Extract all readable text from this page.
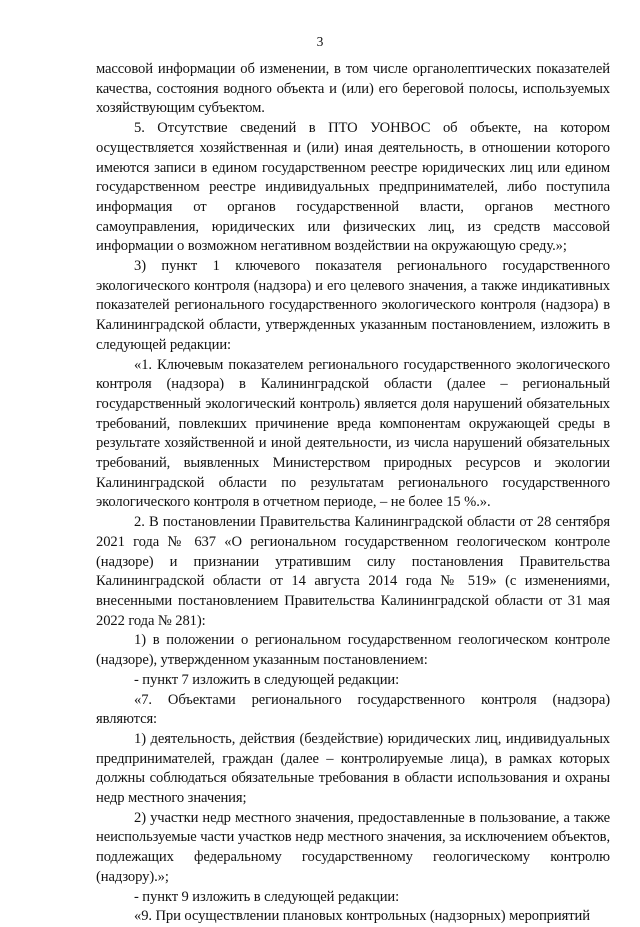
3

массовой информации об изменении, в том числе органолептических показателей качества, состояния водного объекта и (или) его береговой полосы, используемых хозяйствующим субъектом.

5. Отсутствие сведений в ПТО УОНВОС об объекте, на котором осуществляется хозяйственная и (или) иная деятельность, в отношении которого имеются записи в едином государственном реестре юридических лиц или едином государственном реестре индивидуальных предпринимателей, либо поступила информация от органов государственной власти, органов местного самоуправления, юридических или физических лиц, из средств массовой информации о возможном негативном воздействии на окружающую среду.»;

3) пункт 1 ключевого показателя регионального государственного экологического контроля (надзора) и его целевого значения, а также индикативных показателей регионального государственного экологического контроля (надзора) в Калининградской области, утвержденных указанным постановлением, изложить в следующей редакции:

«1. Ключевым показателем регионального государственного экологического контроля (надзора) в Калининградской области (далее – региональный государственный экологический контроль) является доля нарушений обязательных требований, повлекших причинение вреда компонентам окружающей среды в результате хозяйственной и иной деятельности, из числа нарушений обязательных требований, выявленных Министерством природных ресурсов и экологии Калининградской области по результатам регионального государственного экологического контроля в отчетном периоде, – не более 15 %.».

2. В постановлении Правительства Калининградской области от 28 сентября 2021 года № 637 «О региональном государственном геологическом контроле (надзоре) и признании утратившим силу постановления Правительства Калининградской области от 14 августа 2014 года № 519» (с изменениями, внесенными постановлением Правительства Калининградской области от 31 мая 2022 года № 281):

1) в положении о региональном государственном геологическом контроле (надзоре), утвержденном указанным постановлением:

- пункт 7 изложить в следующей редакции:

«7. Объектами регионального государственного контроля (надзора) являются:

1) деятельность, действия (бездействие) юридических лиц, индивидуальных предпринимателей, граждан (далее – контролируемые лица), в рамках которых должны соблюдаться обязательные требования в области использования и охраны недр местного значения;

2) участки недр местного значения, предоставленные в пользование, а также неиспользуемые части участков недр местного значения, за исключением объектов, подлежащих федеральному государственному геологическому контролю (надзору).»;

- пункт 9 изложить в следующей редакции:

«9. При осуществлении плановых контрольных (надзорных) мероприятий
